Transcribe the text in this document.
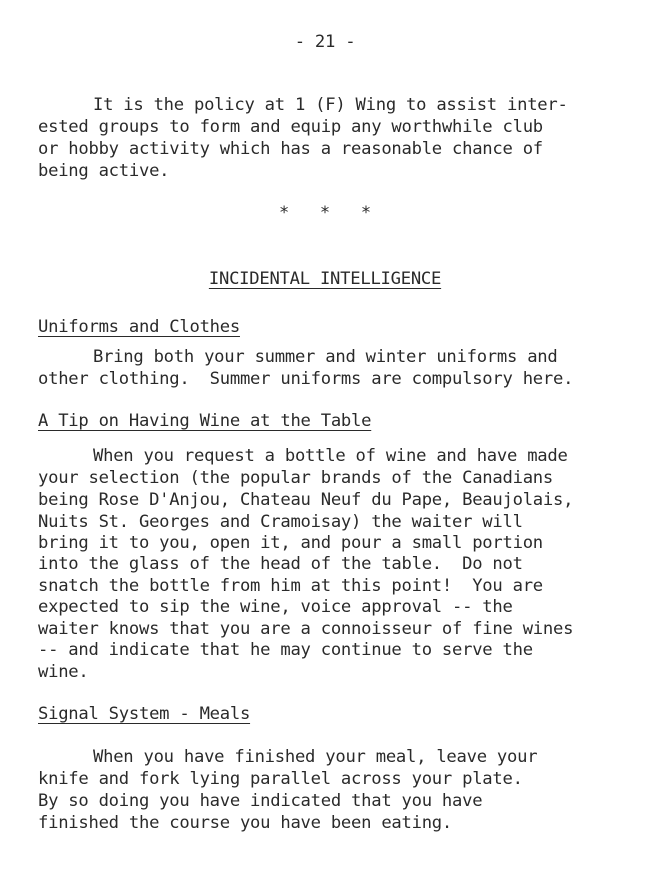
- 21 -
It is the policy at 1 (F) Wing to assist inter-
ested groups to form and equip any worthwhile club
or hobby activity which has a reasonable chance of
being active.
*   *   *
INCIDENTAL INTELLIGENCE
Uniforms and Clothes
Bring both your summer and winter uniforms and
other clothing.  Summer uniforms are compulsory here.
A Tip on Having Wine at the Table
When you request a bottle of wine and have made
your selection (the popular brands of the Canadians
being Rose D'Anjou, Chateau Neuf du Pape, Beaujolais,
Nuits St. Georges and Cramoisay) the waiter will
bring it to you, open it, and pour a small portion
into the glass of the head of the table.  Do not
snatch the bottle from him at this point!  You are
expected to sip the wine, voice approval -- the
waiter knows that you are a connoisseur of fine wines
-- and indicate that he may continue to serve the
wine.
Signal System - Meals
When you have finished your meal, leave your
knife and fork lying parallel across your plate.
By so doing you have indicated that you have
finished the course you have been eating.
